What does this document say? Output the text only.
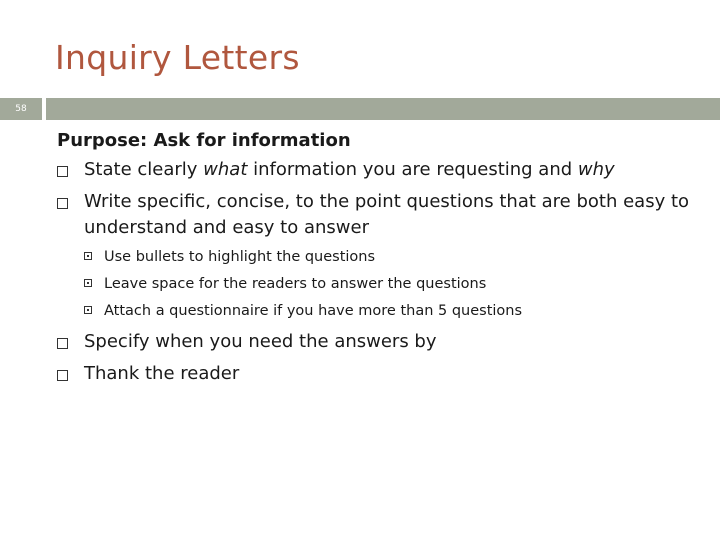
Inquiry Letters
58
Purpose: Ask for information
State clearly what information you are requesting and why
Write specific, concise, to the point questions that are both easy to understand and easy to answer
Use bullets to highlight the questions
Leave space for the readers to answer the questions
Attach a questionnaire if you have more than 5 questions
Specify when you need the answers by
Thank the reader
